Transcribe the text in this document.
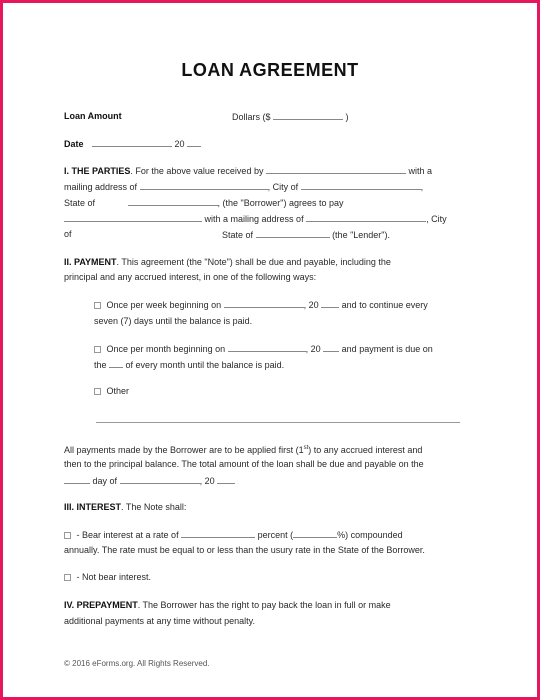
LOAN AGREEMENT
Loan Amount	Dollars ($	)
Date	20
I. THE PARTIES. For the above value received by	with a
mailing address of	, City of	,
State of	, (the "Borrower") agrees to pay
with a mailing address of	, City
of	State of	(the "Lender").
II. PAYMENT. This agreement (the "Note") shall be due and payable, including the
principal and any accrued interest, in one of the following ways:
Once per week beginning on	, 20	and to continue every
seven (7) days until the balance is paid.
Once per month beginning on	, 20 and payment is due on
the of every month until the balance is paid.
Other
All payments made by the Borrower are to be applied first (1st) to any accrued interest and
then to the principal balance. The total amount of the loan shall be due and payable on the
day of	, 20
III. INTEREST. The Note shall:
- Bear interest at a rate of	percent (	%) compounded
annually. The rate must be equal to or less than the usury rate in the State of the Borrower.
- Not bear interest.
IV. PREPAYMENT. The Borrower has the right to pay back the loan in full or make
additional payments at any time without penalty.
© 2016 eForms.org. All Rights Reserved.
